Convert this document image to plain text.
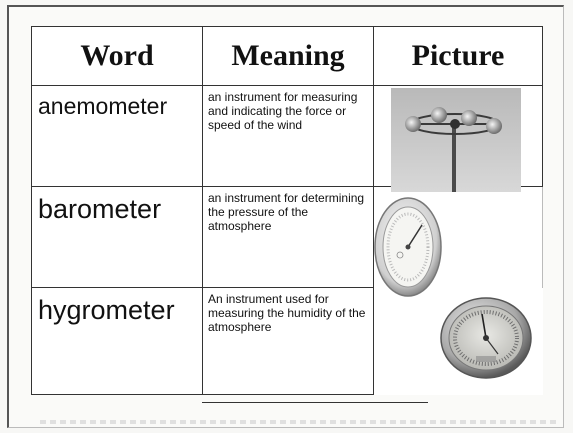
Word	Meaning	Picture
anemometer	an instrument for measuring and indicating the force or speed of the wind	
barometer	an instrument for determining the pressure of the atmosphere	
hygrometer	An instrument used for measuring the humidity of the atmosphere	
